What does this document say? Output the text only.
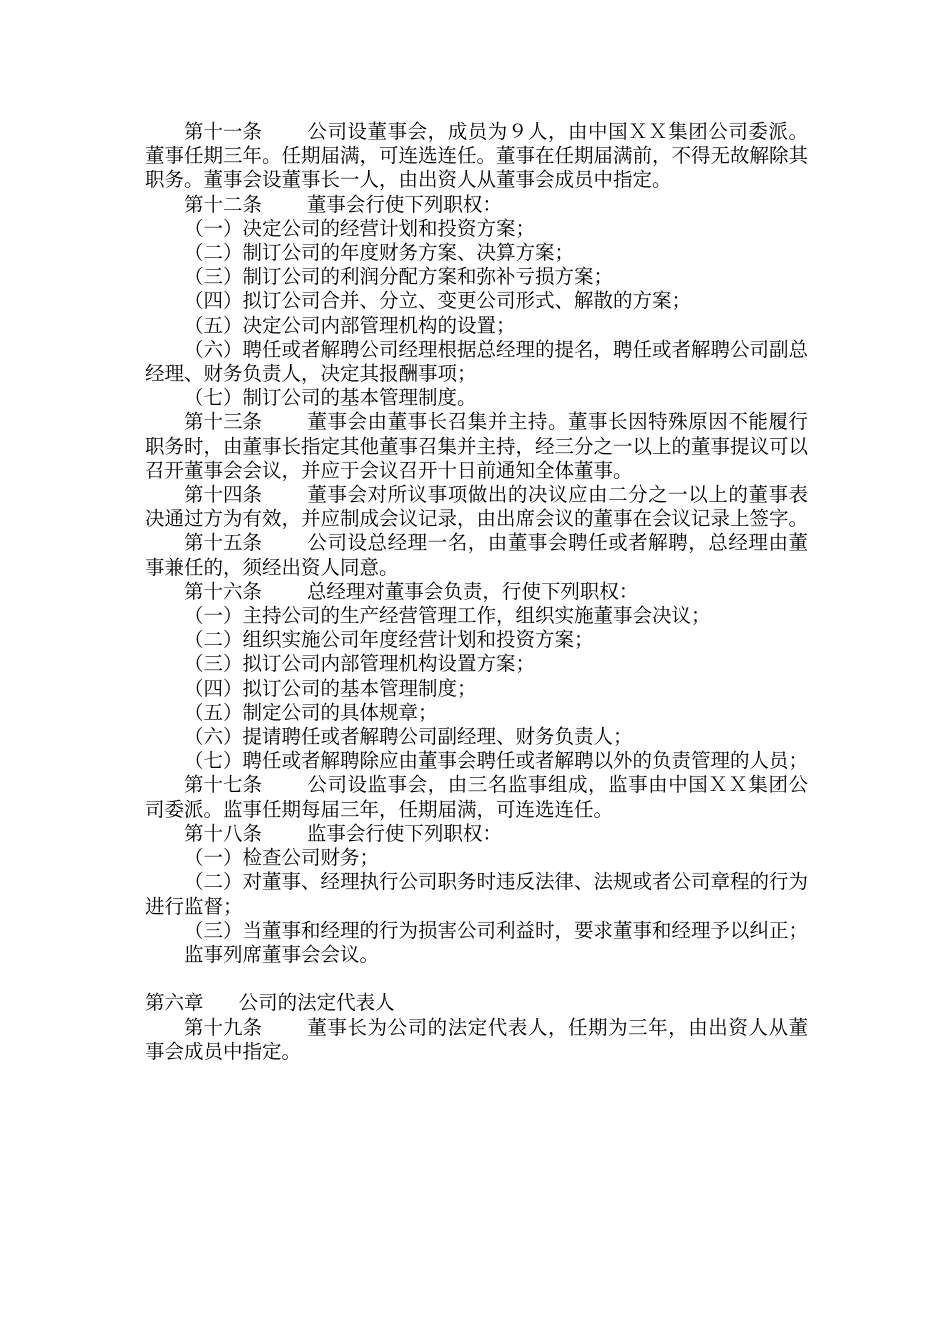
第十一条 公司设董事会，成员为９人，由中国ＸＸ集团公司委派。董事任期三年。任期届满，可连选连任。董事在任期届满前，不得无故解除其职务。董事会设董事长一人，由出资人从董事会成员中指定。

第十二条 董事会行使下列职权：

（一）决定公司的经营计划和投资方案；

（二）制订公司的年度财务方案、决算方案；

（三）制订公司的利润分配方案和弥补亏损方案；

（四）拟订公司合并、分立、变更公司形式、解散的方案；

（五）决定公司内部管理机构的设置；

（六）聘任或者解聘公司经理根据总经理的提名，聘任或者解聘公司副总经理、财务负责人，决定其报酬事项；

（七）制订公司的基本管理制度。

第十三条 董事会由董事长召集并主持。董事长因特殊原因不能履行职务时，由董事长指定其他董事召集并主持，经三分之一以上的董事提议可以召开董事会会议，并应于会议召开十日前通知全体董事。

第十四条 董事会对所议事项做出的决议应由二分之一以上的董事表决通过方为有效，并应制成会议记录，由出席会议的董事在会议记录上签字。

第十五条 公司设总经理一名，由董事会聘任或者解聘，总经理由董事兼任的，须经出资人同意。

第十六条 总经理对董事会负责，行使下列职权：

（一）主持公司的生产经营管理工作，组织实施董事会决议；

（二）组织实施公司年度经营计划和投资方案；

（三）拟订公司内部管理机构设置方案；

（四）拟订公司的基本管理制度；

（五）制定公司的具体规章；

（六）提请聘任或者解聘公司副经理、财务负责人；

（七）聘任或者解聘除应由董事会聘任或者解聘以外的负责管理的人员；

第十七条 公司设监事会，由三名监事组成，监事由中国ＸＸ集团公司委派。监事任期每届三年，任期届满，可连选连任。

第十八条 监事会行使下列职权：

（一）检查公司财务；

（二）对董事、经理执行公司职务时违反法律、法规或者公司章程的行为进行监督；

（三）当董事和经理的行为损害公司利益时，要求董事和经理予以纠正；

监事列席董事会会议。

第六章 公司的法定代表人

第十九条 董事长为公司的法定代表人，任期为三年，由出资人从董事会成员中指定。
